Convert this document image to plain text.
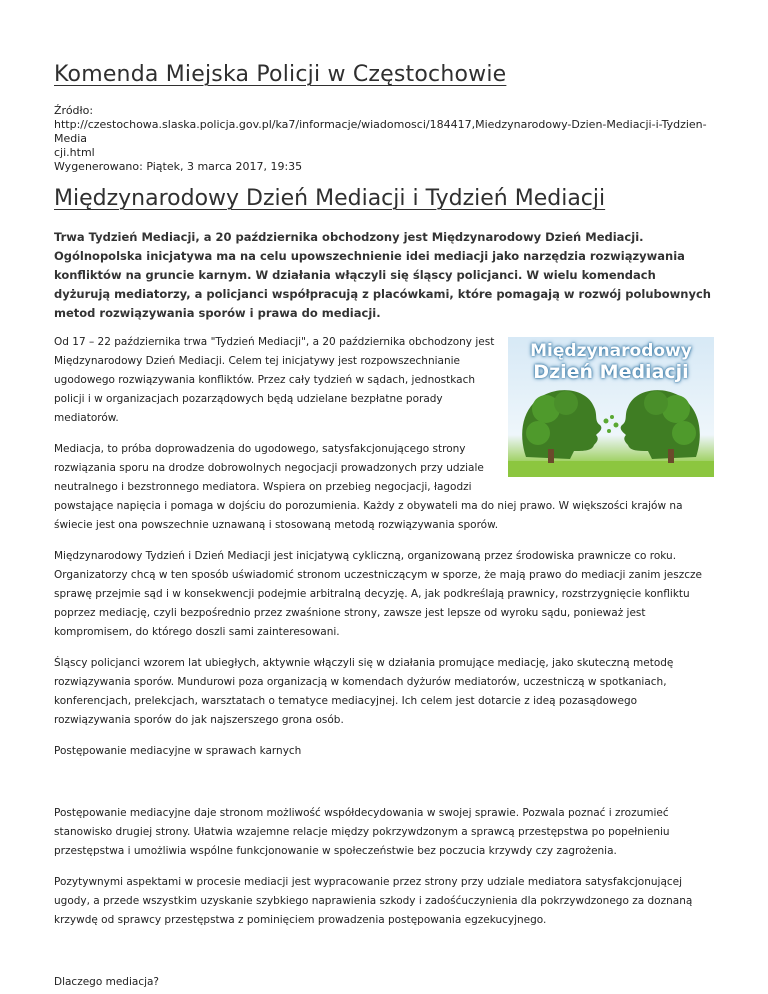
Komenda Miejska Policji w Częstochowie
Źródło:
http://czestochowa.slaska.policja.gov.pl/ka7/informacje/wiadomosci/184417,Miedzynarodowy-Dzien-Mediacji-i-Tydzien-Media
cji.html
Wygenerowano: Piątek, 3 marca 2017, 19:35
Międzynarodowy Dzień Mediacji i Tydzień Mediacji
Trwa Tydzień Mediacji, a 20 października obchodzony jest Międzynarodowy Dzień Mediacji. Ogólnopolska inicjatywa ma na celu upowszechnienie idei mediacji jako narzędzia rozwiązywania konfliktów na gruncie karnym. W działania włączyli się śląscy policjanci. W wielu komendach dyżurują mediatorzy, a policjanci współpracują z placówkami, które pomagają w rozwój polubownych metod rozwiązywania sporów i prawa do mediacji.
Międzynarodowy
Dzień Mediacji

Od 17 – 22 października trwa "Tydzień Mediacji", a 20 października obchodzony jest Międzynarodowy Dzień Mediacji. Celem tej inicjatywy jest rozpowszechnianie ugodowego rozwiązywania konfliktów. Przez cały tydzień w sądach, jednostkach policji i w organizacjach pozarządowych będą udzielane bezpłatne porady mediatorów.

Mediacja, to próba doprowadzenia do ugodowego, satysfakcjonującego strony rozwiązania sporu na drodze dobrowolnych negocjacji prowadzonych przy udziale neutralnego i bezstronnego mediatora. Wspiera on przebieg negocjacji, łagodzi powstające napięcia i pomaga w dojściu do porozumienia. Każdy z obywateli ma do niej prawo. W większości krajów na świecie jest ona powszechnie uznawaną i stosowaną metodą rozwiązywania sporów.

Międzynarodowy Tydzień i Dzień Mediacji jest inicjatywą cykliczną, organizowaną przez środowiska prawnicze co roku. Organizatorzy chcą w ten sposób uświadomić stronom uczestniczącym w sporze, że mają prawo do mediacji zanim jeszcze sprawę przejmie sąd i w konsekwencji podejmie arbitralną decyzję. A, jak podkreślają prawnicy, rozstrzygnięcie konfliktu poprzez mediację, czyli bezpośrednio przez zwaśnione strony, zawsze jest lepsze od wyroku sądu, ponieważ jest kompromisem, do którego doszli sami zainteresowani.

Śląscy policjanci wzorem lat ubiegłych, aktywnie włączyli się w działania promujące mediację, jako skuteczną metodę rozwiązywania sporów. Mundurowi poza organizacją w komendach dyżurów mediatorów, uczestniczą w spotkaniach, konferencjach, prelekcjach, warsztatach o tematyce mediacyjnej. Ich celem jest dotarcie z ideą pozasądowego rozwiązywania sporów do jak najszerszego grona osób.

Postępowanie mediacyjne w sprawach karnych

Postępowanie mediacyjne daje stronom możliwość współdecydowania w swojej sprawie. Pozwala poznać i zrozumieć stanowisko drugiej strony. Ułatwia wzajemne relacje między pokrzywdzonym a sprawcą przestępstwa po popełnieniu przestępstwa i umożliwia wspólne funkcjonowanie w społeczeństwie bez poczucia krzywdy czy zagrożenia.

Pozytywnymi aspektami w procesie mediacji jest wypracowanie przez strony przy udziale mediatora satysfakcjonującej ugody, a przede wszystkim uzyskanie szybkiego naprawienia szkody i zadośćuczynienia dla pokrzywdzonego za doznaną krzywdę od sprawcy przestępstwa z pominięciem prowadzenia postępowania egzekucyjnego.

Dlaczego mediacja?
